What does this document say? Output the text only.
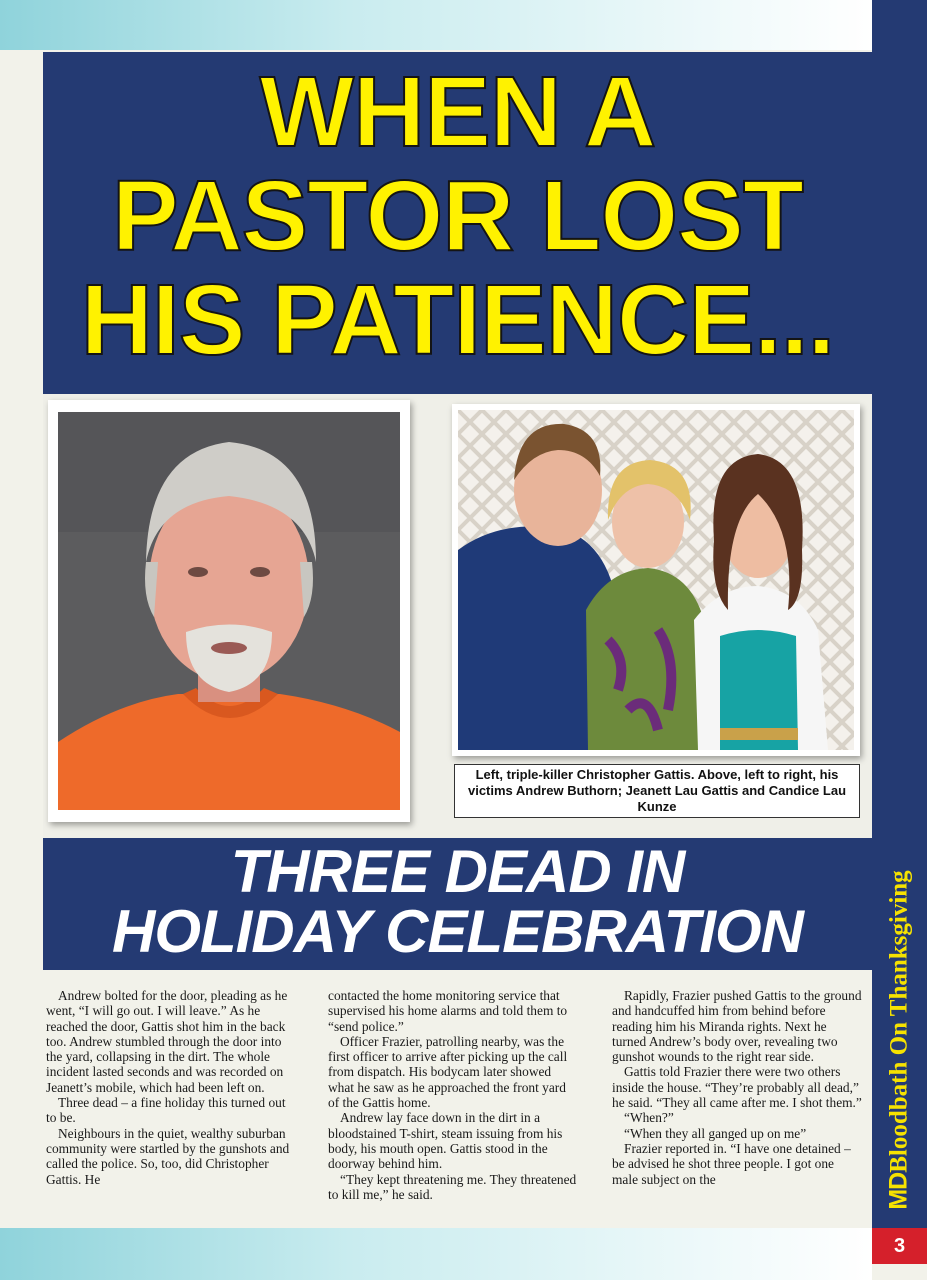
MDBloodbath On Thanksgiving
WHEN A
PASTOR LOST
HIS PATIENCE...
Left, triple-killer Christopher Gattis. Above, left to right, his victims Andrew Buthorn; Jeanett Lau Gattis and Candice Lau Kunze
THREE DEAD IN
HOLIDAY CELEBRATION

Andrew bolted for the door, pleading as he went, “I will go out. I will leave.” As he reached the door, Gattis shot him in the back too. Andrew stumbled through the door into the yard, collapsing in the dirt. The whole incident lasted seconds and was recorded on Jeanett’s mobile, which had been left on.

Three dead – a fine holiday this turned out to be.

Neighbours in the quiet, wealthy suburban community were startled by the gunshots and called the police. So, too, did Christopher Gattis. He

contacted the home monitoring service that supervised his home alarms and told them to “send police.”

Officer Frazier, patrolling nearby, was the first officer to arrive after picking up the call from dispatch. His bodycam later showed what he saw as he approached the front yard of the Gattis home.

Andrew lay face down in the dirt in a bloodstained T-shirt, steam issuing from his body, his mouth open. Gattis stood in the doorway behind him.

“They kept threatening me. They threatened to kill me,” he said.

Rapidly, Frazier pushed Gattis to the ground and handcuffed him from behind before reading him his Miranda rights. Next he turned Andrew’s body over, revealing two gunshot wounds to the right rear side.

Gattis told Frazier there were two others inside the house. “They’re probably all dead,” he said. “They all came after me. I shot them.”

“When?”

“When they all ganged up on me”

Frazier reported in. “I have one detained – be advised he shot three people. I got one male subject on the

3
